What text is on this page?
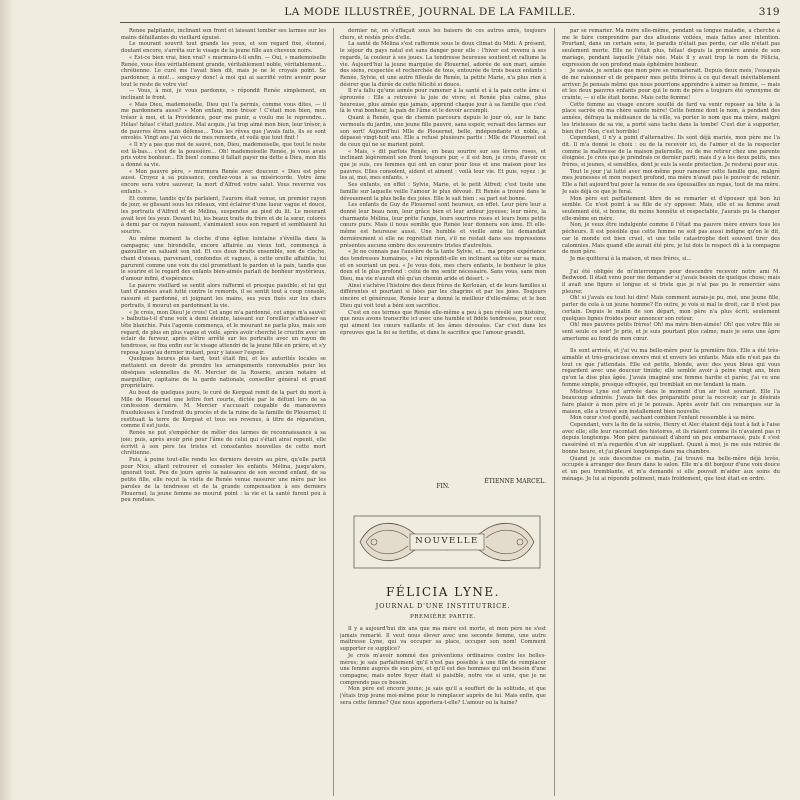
LA MODE ILLUSTRÉE, JOURNAL DE LA FAMILLE.	319

Renée palpitante, inclinant son front et laissant tomber ses larmes sur les mains défaillantes du vieillard épuisé.

Le mourant souvrit tout grands les yeux, et son regard fixe, étonné, doutant encore, s'arrêta sur le visage de la jeune fille aux cheveux noirs.

« Est-ce bien vrai, bien vrai? » murmura-t-il enfin. — Oui, » mademoiselle Renée, vous êtes véritablement grande, véritablement noble, véritablement... chrétienne. Le curé me l'avait bien dit, mais je ne le croyais point. Se pardonner, à moi!... songez-y donc! à moi qui ai sacrifié votre avenir pour tout le reste de votre vie!

— Vous, à moi, je vous pardonne, » répondit Renée simplement, en inclinant le front.

« Mais Dieu, mademoiselle, Dieu qui l'a permis, comme vous dites, — il me pardonnera aussi? » Mon enfant, mon trésor ! C'était mon bien, mon trésor à moi, et la Providence, pour me punir, a voulu me le reprendre... Hélas! hélas! c'était justice. Mal acquis, j'ai trop aimé mon bien, leur trésor, à de pauvres êtres sans défense... Tous les rêves que j'avais faits, ils se sont envolés. Vingt ans j'ai vécu de mes remords, et voilà que tout finit !

« Il n'y a pas que moi de sauvé, non, Dieu, mademoiselle, que tout le reste est là-bas... c'est de la poussière... Oh! mademoiselle Renée, je vous avais pris votre bonheur... Eh bien! comme il fallait payer ma dette à Dieu, mon fils a donné sa vie.

« Mon pauvre père, » murmura Renée avec douceur. « Dieu est père aussi. Croyez à sa puissance, confiez-vous à sa miséricorde. Votre âme encore sera votre sauveur, la mort d'Alfred votre salut. Vous reverrez vos enfants. »

Et comme, tandis qu'ils parlaient, l'aurore était venue, un premier rayon de jour, se glissant sous les rideaux, vint éclairer d'une lueur vague et douce, les portraits d'Alfred et de Mélina, suspendus au pied du lit. Le mourant avait levé les yeux. Devant lui, les beaux traits du frère et de la sœur, colorés à demi par ce rayon naissant, s'animaient sous son regard et semblaient lui sourire.

Au même moment la cloche d'une église lointaine s'éveilla dans la campagne; une hirondelle, encore affairée au vieux toit, commença à gazouiller en saluant son nid. Et ces doux bruits ensemble, son de cloche, chant d'oiseau, parvenant, confondus et vagues, à cette oreille affaiblie, lui parurent comme une voix du ciel promettant le pardon et la paix, tandis que le sourire et le regard des enfants bien-aimés parlait de bonheur mystérieux, d'amour infini, d'espérance.

Le pauvre vieillard se sentit alors raffermi et presque paisible; et lui qui tant d'années avait lutté contre le remords, il se sentit tout à coup consolé, rassuré et pardonné, et joignant les mains, ses yeux fixés sur les chers portraits, il mourut en pardonnant la vie.

« Je crois, mon Dieu! je crois! Cet ange m'a pardonné, cet ange m'a sauvé! » balbutia-t-il d'une voix à demi éteinte, laissant sur l'oreiller s'affaisser sa tête blanchie. Puis l'agonie commença, et le mourant ne parla plus, mais son regard, de plus en plus vague et voilé, après avoir cherché le crucifix avec un éclair de ferveur, après s'être arrêté sur les portraits avec un rayon de tendresse, se fixa enfin sur le visage attendri de la jeune fille en prière, et s'y reposa jusqu'au dernier instant, pour y laisser l'espoir.

Quelques heures plus tard, tout était fini, et les autorités locales se mettaient en devoir de prendre les arrangements convenables pour les obsèques solennelles de M. Mercier de la Roserie, ancien notaire et marguillier, capitaine de la garde nationale, conseiller général et grand propriétaire.

Au bout de quelques jours, le curé de Kergoat remit de la part du mort à Mlle de Plouernel une lettre fort courte, dictée par le défunt lors de sa confession dernière. M. Mercier s'accusait coupable de manœuvres frauduleuses à l'endroit du procès et de la ruine de la famille de Plouernel; il restituait la terre de Kergoat et tous ses revenus, à titre de réparation, comme il est juste.

Renée ne put s'empêcher de mêler des larmes de reconnaissance à sa joie; puis, après avoir prié pour l'âme de celui qui s'était ainsi repenti, elle écrivit à son père les tristes et consolantes nouvelles de cette mort chrétienne.

Puis, à peine tout-elle rendu les derniers devoirs au père, qu'elle partit pour Nice, allant retrouver et consoler les enfants. Mélina, jusqu'alors, ignorait tout. Peu de jours après la naissance de son second enfant, de sa petite fille, elle reçut la visite de Renée venue rassurer une mère par les paroles de la tendresse et de la grande compensation à ses derniers Plouernel, la jeune femme ne mourut point : la vie et la santé furent peu à peu rendues.

dernier né, on s'effaçait sous les baisers de ces autres amis, toujours chers, et restés près d'elle.

La santé de Mélina s'est raffermie sous le doux climat du Midi. A présent, le séjour du pays natal est sans danger pour elle : l'hiver est revenu à ses regards, la couleur à ses joues. La tendresse heureuse soutient et rallume la vie. Aujourd'hui la jeune marquise de Plouernel, adorée de son mari, aimée des siens, respectée et recherchée de tous, entourée de trois beaux enfants : Renée, Sylvie, et une autre filleule de Renée, la petite Marie, n'a plus rien à désirer que la durée de cette félicité si douce.

Il n'a fallu qu'une année pour ramener à la santé et à la paix cette âme si éprouvée : Elle a retrouvé la joie de vivre; et Renée plus calme, plus heureuse, plus aimée que jamais, apprend chaque jour à sa famille que c'est là le vrai bonheur, la paix de l'âme et le devoir accompli.

Quant à Renée, que de chemin parcouru depuis le jour où, sur le banc vermoulu du jardin, une jeune fille pauvre, sans espoir, versait des larmes sur son sort! Aujourd'hui Mlle de Plouernel, belle, indépendante et noble, a dépassé vingt-huit ans. Elle a refusé plusieurs partis : Mlle de Plouernel est de ceux qui ne se marient point.

« Mais, » dit parfois Renée, en beau sourire sur ses lèvres roses, et inclinant légèrement son front toujours pur, « il est bon, je crois, d'avoir ce que je suis, ces femmes qui ont un cœur pour tous et une maison pour les pauvres. Elles consolent, aident et aiment : voilà leur vie. Et puis, voyez : je les ai, moi, mes enfants. »

Ses enfants, en effet : Sylvie, Marie, et le petit Alfred; c'est toute une famille sur laquelle veille l'amour le plus dévoué. Et Renée a trouvé dans le dévouement la plus belle des joies. Elle le sait bien : sa part est bonne.

Les enfants de Guy de Plouernel sont heureux, en effet. Leur père leur a donné leur beau nom, leur grâce bien et leur ardeur joyeuse; leur mère, la charmante Mélina, leur prête l'ange, leurs sourires roses et leurs bons petits cœurs purs. Mais il nous semble que Renée leur donnera son âme. Et elle-même est heureuse aussi. Une humble et vieille amie lui demandait dernièrement si elle ne regrettait rien, s'il ne restait dans ses impressions présentes aucune ombre des souvenirs tristes d'autrefois.

« Je ne connais pas l'austère de la tante Sylvie, et... ma propre expérience des tendresses humaines, » lui répondit-elle en inclinant sa tête sur sa main, et en souriant un peu. « Je vous dois, mes chers enfants, le bonheur le plus doux et le plus profond : celui de me sentir nécessaire. Sans vous, sans mon Dieu, ma vie n'aurait été qu'un chemin aride et désert. »

Ainsi s'achève l'histoire des deux frères de Kerlouan, et de leurs familles si différentes et pourtant si liées par les chagrins et par les joies. Toujours sincère et généreuse, Renée leur a donné le meilleur d'elle-même; et le bon Dieu qui voit tout a béni son sacrifice.

C'est en ces termes que Renée elle-même a peu à peu révélé son histoire, que nous avons transcrite ici avec une humble et fidèle tendresse, pour ceux qui aiment les cœurs vaillants et les âmes dévouées. Car c'est dans les épreuves que la foi se fortifie, et dans le sacrifice que l'amour grandit.

ÉTIENNE MARCEL.
FIN.
NOUVELLE
FÉLICIA LYNE.
JOURNAL D'UNE INSTITUTRICE.
PREMIÈRE PARTIE.

Il y a aujourd'hui dix ans que ma mère est morte, et mon père ne s'est jamais remarié. Il veut nous élever avec une seconde femme, une autre maîtresse Lyne, qui va occuper sa place, occuper son nom! Comment supporter ce supplice?

Je crois m'avoir nommé des préventions ordinaires contre les belles-mères; je sais parfaitement qu'il n'est pas possible à une fille de remplacer une femme auprès de son père, et qu'il est des hommes qui ont besoin d'une compagne; mais notre foyer était si paisible, notre vie si unie, que je ne comprends pas ce besoin.

Mon père est encore jeune; je sais qu'il a souffert de la solitude, et que j'étais trop jeune moi-même pour le remplacer auprès de lui. Mais enfin, que sera cette femme? Que nous apportera-t-elle? L'amour ou la haine?

par se remarier. Ma mère elle-même, pendant sa longue maladie, a cherché à me le faire comprendre par des allusions voilées, mais faites avec intention. Pourtant, dans un certain sens, le paradis n'était pas perdu, car elle n'était pas seulement morte. Elle ne l'était plus, hélas! depuis la première année de son mariage, pendant laquelle j'étais née. Mais il y avait trop le nom de Félicia, expression de son profond mais éphémère bonheur.

Je savais, je sentais que mon père se remarierait. Depuis deux mois, l'essayais de me raisonner et de préparer mes petits frères à ce qui devait inévitablement arriver. Je pensais même que nous pourrions apprendre à aimer sa femme, — mais et les deux pauvres enfants pour qui le nom de père a toujours été synonyme de crainte, — si elle était bonne. Mais cette femme!

Cette femme au visage encore souillé de fard va venir reposer sa tête à la place sacrée où ma chère sainte mère! Cette femme dont le nom, à pendant des années, défraya la médisance de la ville, va porter le nom que ma mère, malgré les tristesses de sa vie, a porté sans tache dans la tombe! C'est dur à supporter, bien dur! Non, c'est horrible!

Cependant, il n'y a point d'alternative. Ils sont déjà mariés, mon père me l'a dit. Il m'a donné le choix : ou de la recevoir ici, de l'aimer et de la respecter comme la maîtresse de la maison paternelle, ou de me retirer chez une parente éloignée. Je crois que je prendrais ce dernier parti; mais il y a les deux petits, mes frères, si jeunes, si sensibles, dont je suis la seule protection. Je resterai pour eux.

Tout le jour j'ai lutté avec moi-même pour ramener cette famille que, malgré mes jeunesses et mon respect profond, ma mère n'avait pas le pouvoir de retenir. Elle a fait aujourd'hui pour la venue de ses épousailles un repas, tout de ma mère. Je sais déjà ce que je ferai.

Mon père est parfaitement libre de se remarier et d'épouser qui bon lui semble. Ce n'est point à sa fille de s'y opposer. Mais, elle et sa femme avait seulement été, si bonne, du moins honnête et respectable, j'aurais pu la changer elle-même en mère.

Non, je veux être indulgente comme il l'était ma pauvre mère envers tous les pécheurs. Il est possible que cette femme ne soit pas aussi indigne qu'on le dit, car le monde est bien cruel, et une telle catastrophe doit souvent tirer des calomnies. Mais quand elle aurait été pire, je lui dois le respect dû à la compagne de mon père.

Je me quitterai à la maison, et mes frères, si...

J'ai été obligée de m'interrompre pour descendre recevoir notre ami M. Bedwood. Il était venu pour me demander si j'avais besoin de quelque chose; mais il avait une figure si longue et si triste que je n'ai pas pu le remercier sans pleurer.

Oh! si j'avais eu tout lui dire! Mais comment aurais-je pu, moi, une jeune fille, parler de cela à un jeune homme? En outre, je vois si mal le droit, car il n'est pas certain. Depuis le matin de son départ, mon père n'a plus écrit; seulement quelques lignes froides pour annoncer son retour.

Oh! mes pauvres petits frères! Oh! ma mère bien-aimée! Oh! que votre fille se sent seule ce soir! Je prie, et je suis pourtant plus calme; mais je sens une âpre amertume au fond de mon cœur.

Ils sont arrivés, et j'ai vu ma belle-mère pour la première fois. Elle a été très-aimable et très-gracieuse envers moi et envers les enfants. Mais elle n'est pas du tout ce que j'attendais. Elle est petite, blonde, avec des yeux bleus qui vous regardent avec une douceur timide; elle semble avoir à peine vingt ans, bien qu'on la dise plus âgée. J'avais imaginé une femme hardie et parée; j'ai vu une femme simple, presque effrayée, qui tremblait en me tendant la main.

Mistress Lyne est arrivée dans le moment d'un air tout souriant. Elle l'a beaucoup admirée. J'avais fait des préparatifs pour la recevoir, car je désirais faire plaisir à mon père et je le pouvais. Après avoir fait ces remarques sur la maison, elle a trouvé son installement bien nouvelle.

Mon cœur s'est gonflé, sachant combien l'enfant ressemble à sa mère.

Cependant, vers la fin de la soirée, Henry et Alec étaient déjà tout à fait à l'aise avec elle; elle leur racontait des histoires, et ils riaient comme ils n'avaient pas ri depuis longtemps. Mon père paraissait d'abord un peu embarrassé, puis il s'est rasséréné et m'a regardée d'un air suppliant. Quant à moi, je me suis retirée de bonne heure, et j'ai pleuré longtemps dans ma chambre.

Quand je suis descendue ce matin, j'ai trouvé ma belle-mère déjà levée, occupée à arranger des fleurs dans le salon. Elle m'a dit bonjour d'une voix douce et un peu tremblante, et m'a demandé si elle pouvait m'aider aux soins du ménage. Je lui ai répondu poliment, mais froidement, que tout était en ordre.
